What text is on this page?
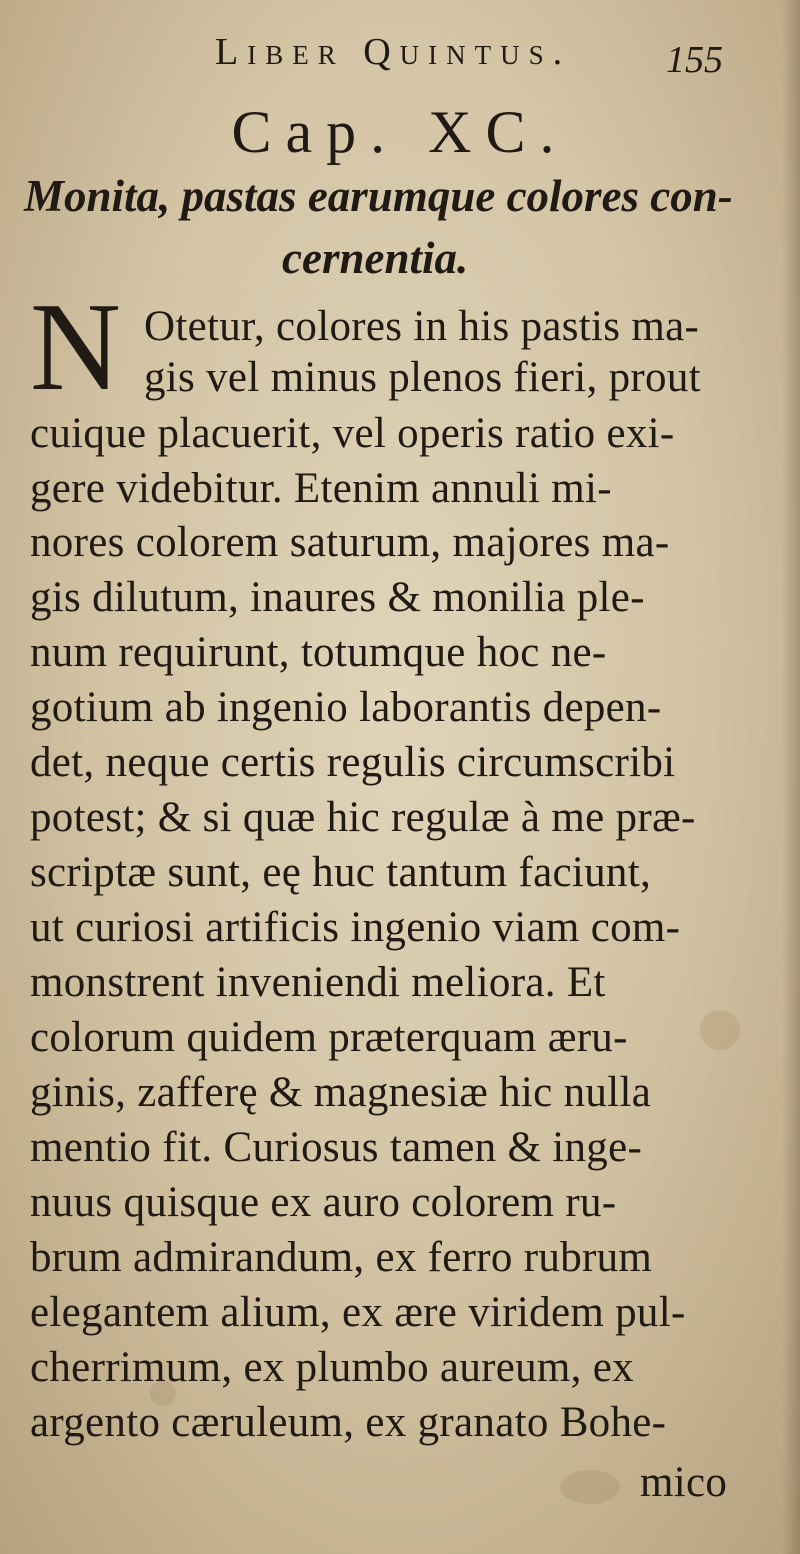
Liber Quintus. 155
Cap. XC.
Monita, pastas earumque colores con-
cernentia.
N Otetur, colores in his pastis ma-
gis vel minus plenos fieri, prout
cuique placuerit, vel operis ratio exi-
gere videbitur. Etenim annuli mi-
nores colorem saturum, majores ma-
gis dilutum, inaures & monilia ple-
num requirunt, totumque hoc ne-
gotium ab ingenio laborantis depen-
det, neque certis regulis circumscribi
potest; & si quæ hic regulæ à me præ-
scriptæ sunt, eę huc tantum faciunt,
ut curiosi artificis ingenio viam com-
monstrent inveniendi meliora. Et
colorum quidem præterquam æru-
ginis, zafferę & magnesiæ hic nulla
mentio fit. Curiosus tamen & inge-
nuus quisque ex auro colorem ru-
brum admirandum, ex ferro rubrum
elegantem alium, ex ære viridem pul-
cherrimum, ex plumbo aureum, ex
argento cæruleum, ex granato Bohe-
mico
